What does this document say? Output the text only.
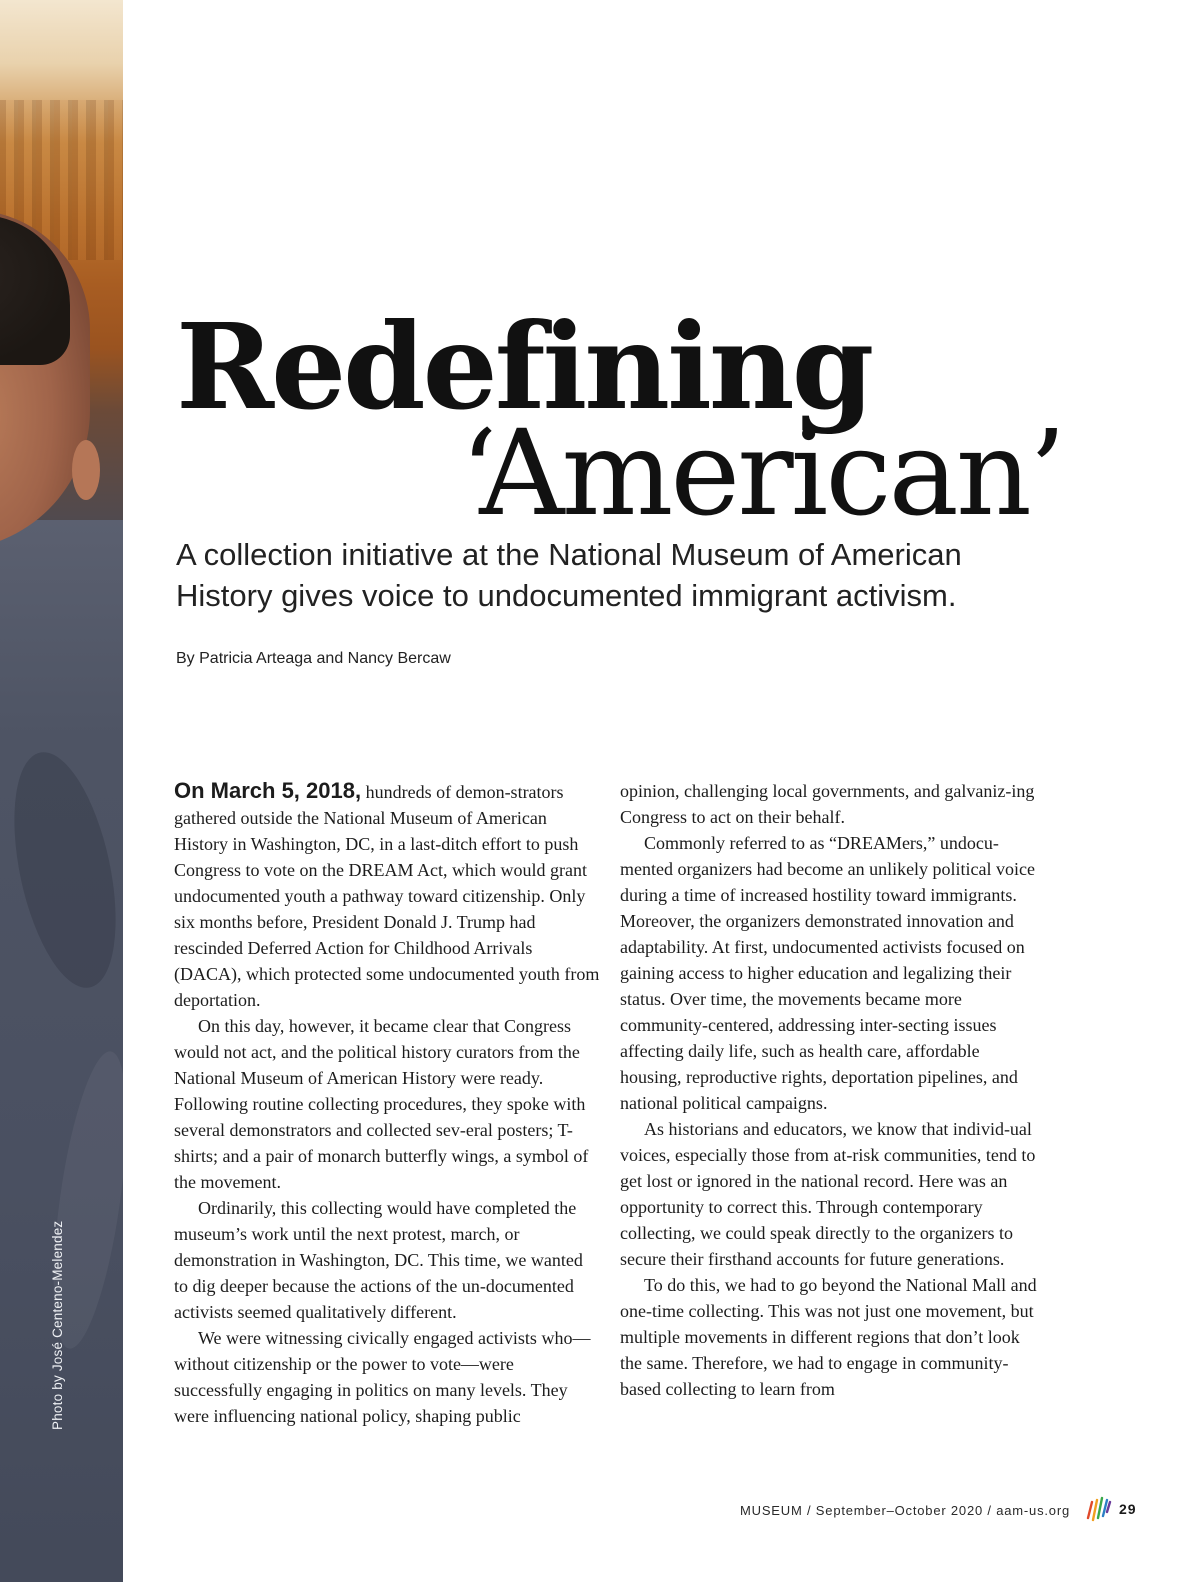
Photo by José Centeno-Melendez
Redefining
‘American’
A collection initiative at the National Museum of American
History gives voice to undocumented immigrant activism.
By Patricia Arteaga and Nancy Bercaw

On March 5, 2018, hundreds of demon-strators gathered outside the National Museum of American History in Washington, DC, in a last-ditch effort to push Congress to vote on the DREAM Act, which would grant undocumented youth a pathway toward citizenship. Only six months before, President Donald J. Trump had rescinded Deferred Action for Childhood Arrivals (DACA), which protected some undocumented youth from deportation.

On this day, however, it became clear that Congress would not act, and the political history curators from the National Museum of American History were ready. Following routine collecting procedures, they spoke with several demonstrators and collected sev-eral posters; T-shirts; and a pair of monarch butterfly wings, a symbol of the movement.

Ordinarily, this collecting would have completed the museum’s work until the next protest, march, or demonstration in Washington, DC. This time, we wanted to dig deeper because the actions of the un-documented activists seemed qualitatively different.

We were witnessing civically engaged activists who—without citizenship or the power to vote—were successfully engaging in politics on many levels. They were influencing national policy, shaping public

opinion, challenging local governments, and galvaniz-ing Congress to act on their behalf.

Commonly referred to as “DREAMers,” undocu-mented organizers had become an unlikely political voice during a time of increased hostility toward immigrants. Moreover, the organizers demonstrated innovation and adaptability. At first, undocumented activists focused on gaining access to higher education and legalizing their status. Over time, the movements became more community-centered, addressing inter-secting issues affecting daily life, such as health care, affordable housing, reproductive rights, deportation pipelines, and national political campaigns.

As historians and educators, we know that individ-ual voices, especially those from at-risk communities, tend to get lost or ignored in the national record. Here was an opportunity to correct this. Through contemporary collecting, we could speak directly to the organizers to secure their firsthand accounts for future generations.

To do this, we had to go beyond the National Mall and one-time collecting. This was not just one movement, but multiple movements in different regions that don’t look the same. Therefore, we had to engage in community-based collecting to learn from

MUSEUM / September–October 2020 / aam-us.org	29
